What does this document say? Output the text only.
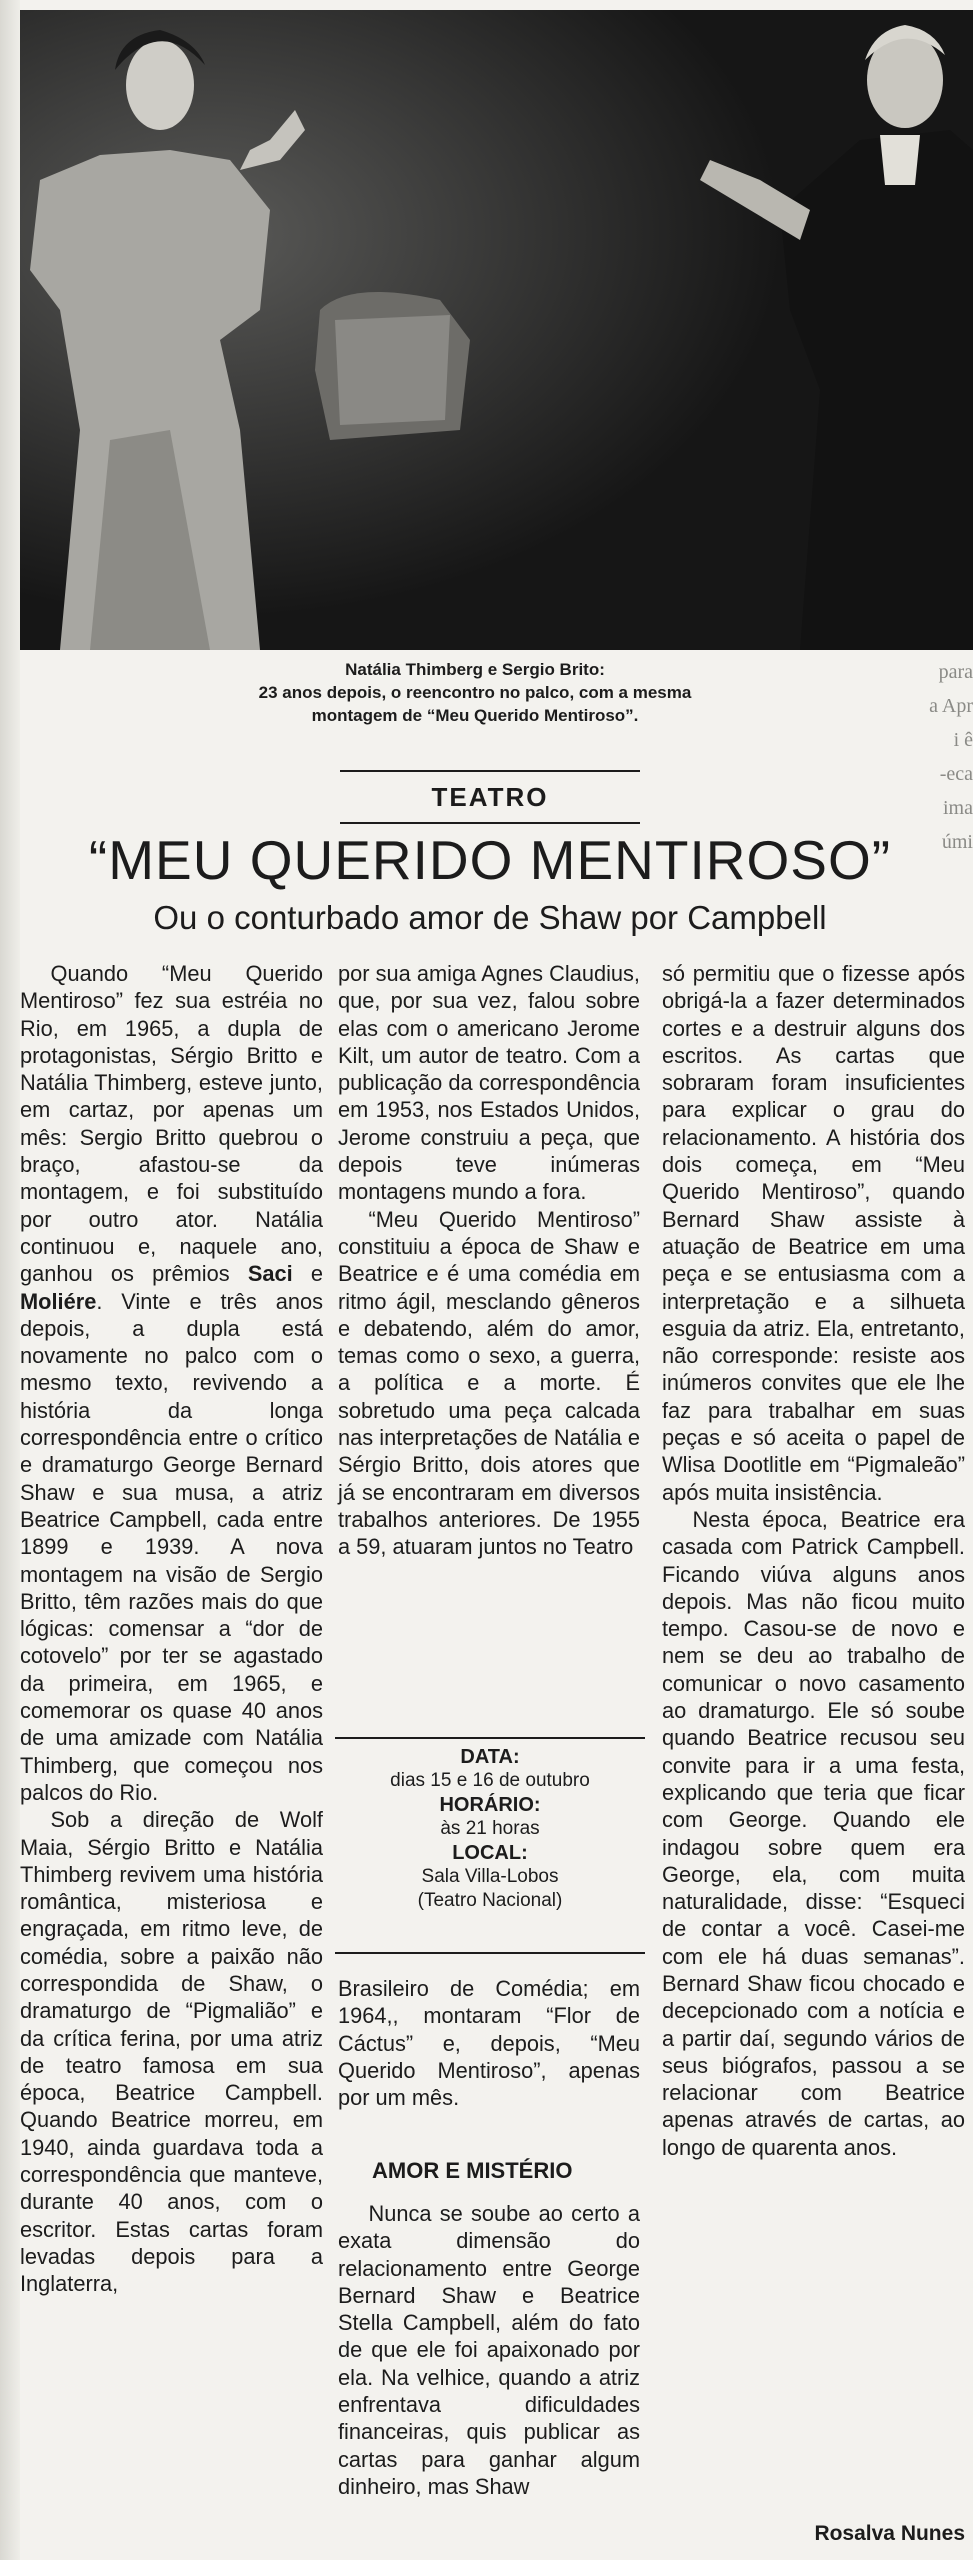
Natália Thimberg e Sergio Brito:
23 anos depois, o reencontro no palco, com a mesma
montagem de “Meu Querido Mentiroso”.
para
a Apr
i ê
-eca
ima
úmi
TEATRO
“MEU QUERIDO MENTIROSO”
Ou o conturbado amor de Shaw por Campbell

Quando “Meu Querido Mentiroso” fez sua estréia no Rio, em 1965, a dupla de protagonistas, Sérgio Britto e Natália Thimberg, esteve junto, em cartaz, por apenas um mês: Sergio Britto quebrou o braço, afastou-se da montagem, e foi substituído por outro ator. Natália continuou e, naquele ano, ganhou os prêmios Saci e Moliére. Vinte e três anos depois, a dupla está novamente no palco com o mesmo texto, revivendo a história da longa correspondência entre o crítico e dramaturgo George Bernard Shaw e sua musa, a atriz Beatrice Campbell, cada entre 1899 e 1939. A nova montagem na visão de Sergio Britto, têm razões mais do que lógicas: comensar a “dor de cotovelo” por ter se agastado da primeira, em 1965, e comemorar os quase 40 anos de uma amizade com Natália Thimberg, que começou nos palcos do Rio.

Sob a direção de Wolf Maia, Sérgio Britto e Natália Thimberg revivem uma história romântica, misteriosa e engraçada, em ritmo leve, de comédia, sobre a paixão não correspondida de Shaw, o dramaturgo de “Pigmalião” e da crítica ferina, por uma atriz de teatro famosa em sua época, Beatrice Campbell. Quando Beatrice morreu, em 1940, ainda guardava toda a correspondência que manteve, durante 40 anos, com o escritor. Estas cartas foram levadas depois para a Inglaterra,

por sua amiga Agnes Claudius, que, por sua vez, falou sobre elas com o americano Jerome Kilt, um autor de teatro. Com a publicação da correspondência em 1953, nos Estados Unidos, Jerome construiu a peça, que depois teve inúmeras montagens mundo a fora.

“Meu Querido Mentiroso” constituiu a época de Shaw e Beatrice e é uma comédia em ritmo ágil, mesclando gêneros e debatendo, além do amor, temas como o sexo, a guerra, a política e a morte. É sobretudo uma peça calcada nas interpretações de Natália e Sérgio Britto, dois atores que já se encontraram em diversos trabalhos anteriores. De 1955 a 59, atuaram juntos no Teatro

DATA:
dias 15 e 16 de outubro
HORÁRIO:
às 21 horas
LOCAL:
Sala Villa-Lobos
(Teatro Nacional)

Brasileiro de Comédia; em 1964,, montaram “Flor de Cáctus” e, depois, “Meu Querido Mentiroso”, apenas por um mês.

AMOR E MISTÉRIO

Nunca se soube ao certo a exata dimensão do relacionamento entre George Bernard Shaw e Beatrice Stella Campbell, além do fato de que ele foi apaixonado por ela. Na velhice, quando a atriz enfrentava dificuldades financeiras, quis publicar as cartas para ganhar algum dinheiro, mas Shaw

só permitiu que o fizesse após obrigá-la a fazer determinados cortes e a destruir alguns dos escritos. As cartas que sobraram foram insuficientes para explicar o grau do relacionamento. A história dos dois começa, em “Meu Querido Mentiroso”, quando Bernard Shaw assiste à atuação de Beatrice em uma peça e se entusiasma com a interpretação e a silhueta esguia da atriz. Ela, entretanto, não corresponde: resiste aos inúmeros convites que ele lhe faz para trabalhar em suas peças e só aceita o papel de Wlisa Dootlitle em “Pigmaleão” após muita insistência.

Nesta época, Beatrice era casada com Patrick Campbell. Ficando viúva alguns anos depois. Mas não ficou muito tempo. Casou-se de novo e nem se deu ao trabalho de comunicar o novo casamento ao dramaturgo. Ele só soube quando Beatrice recusou seu convite para ir a uma festa, explicando que teria que ficar com George. Quando ele indagou sobre quem era George, ela, com muita naturalidade, disse: “Esqueci de contar a você. Casei-me com ele há duas semanas”. Bernard Shaw ficou chocado e decepcionado com a notícia e a partir daí, segundo vários de seus biógrafos, passou a se relacionar com Beatrice apenas através de cartas, ao longo de quarenta anos.

Rosalva Nunes
